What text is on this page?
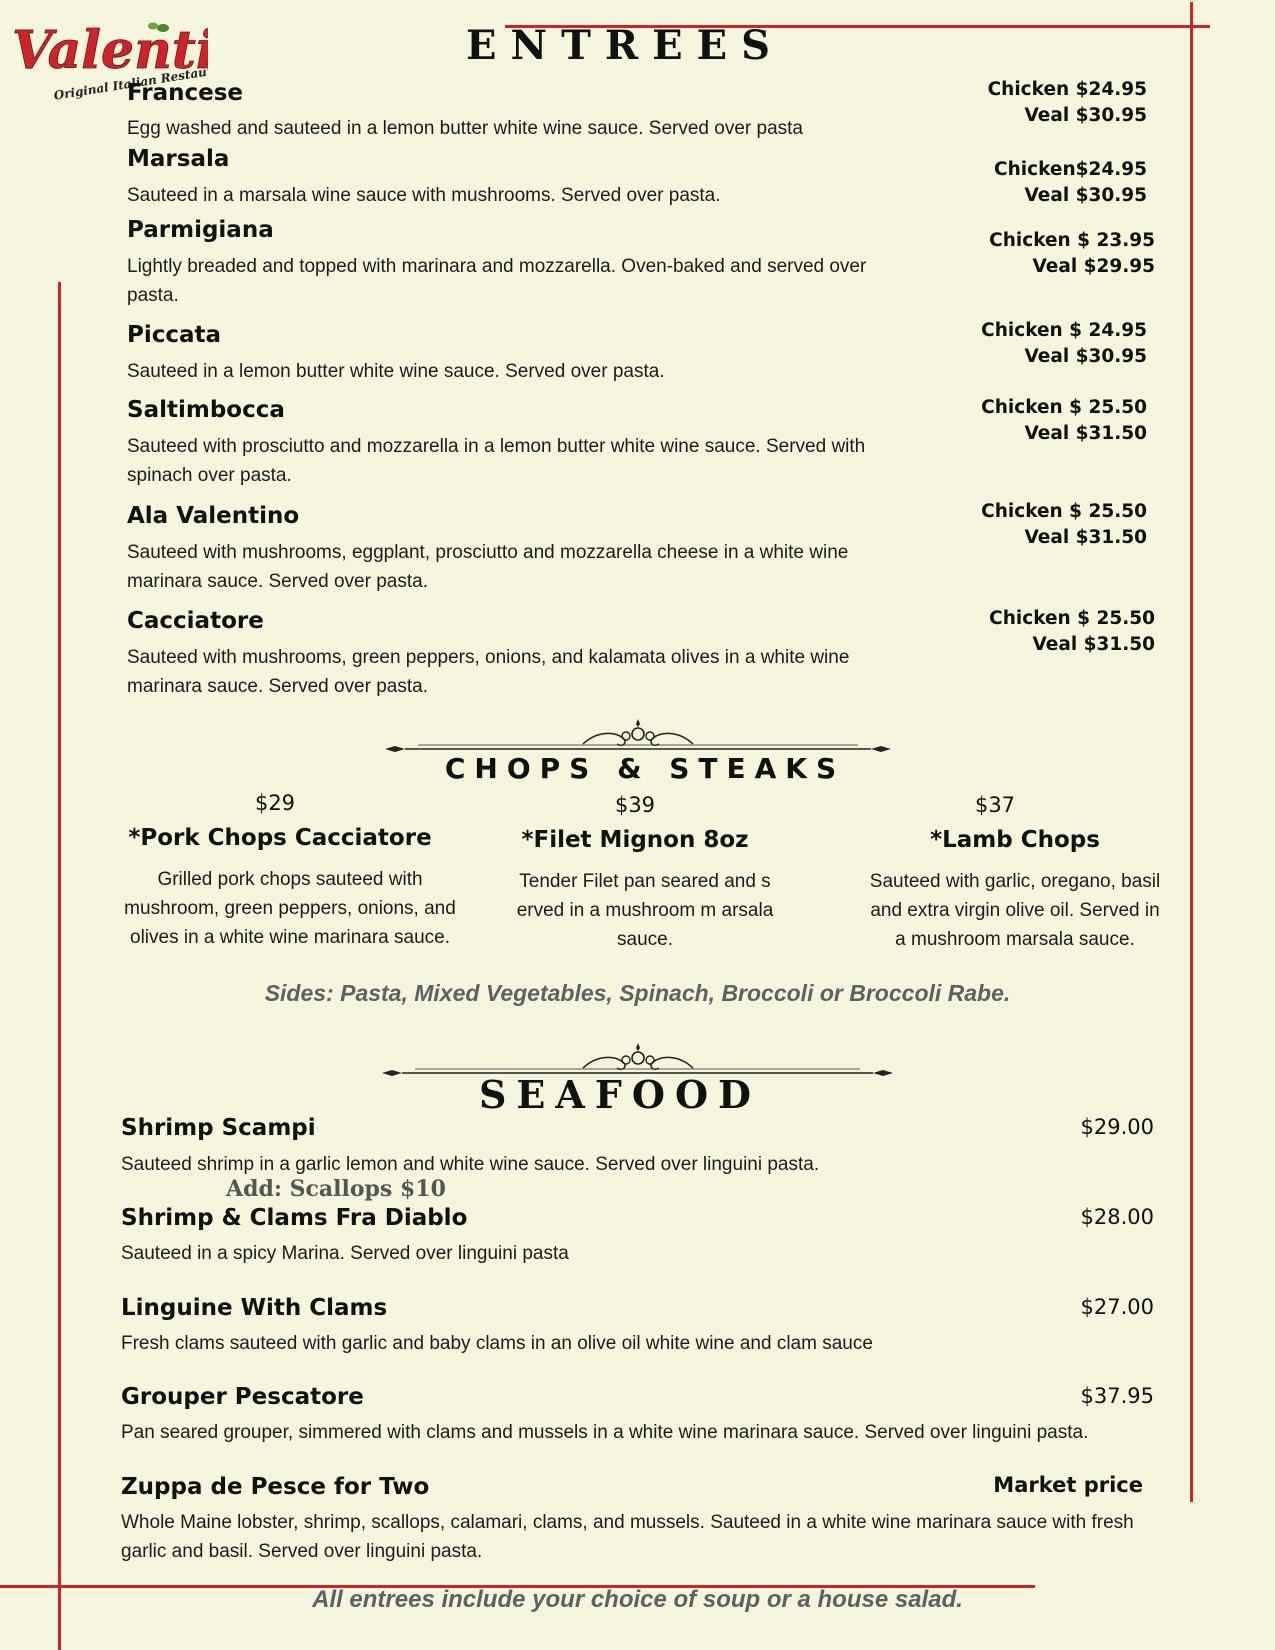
Valent
Original Italian Restaurant
ENTREES
Francese
Egg washed and sauteed in a lemon butter white wine sauce. Served over pasta
Chicken $24.95
Veal $30.95
Marsala
Sauteed in a marsala wine sauce with mushrooms. Served over pasta.
Chicken$24.95
Veal $30.95
Parmigiana
Lightly breaded and topped with marinara and mozzarella. Oven-baked and served over pasta.
Chicken $ 23.95
Veal $29.95
Piccata
Sauteed in a lemon butter white wine sauce. Served over pasta.
Chicken $ 24.95
Veal $30.95
Saltimbocca
Sauteed with prosciutto and mozzarella in a lemon butter white wine sauce. Served with spinach over pasta.
Chicken $ 25.50
Veal $31.50
Ala Valentino
Sauteed with mushrooms, eggplant, prosciutto and mozzarella cheese in a white wine marinara sauce. Served over pasta.
Chicken $ 25.50
Veal $31.50
Cacciatore
Sauteed with mushrooms, green peppers, onions, and kalamata olives in a white wine marinara sauce. Served over pasta.
Chicken $ 25.50
Veal $31.50
CHOPS & STEAKS
$29
*Pork Chops Cacciatore
Grilled pork chops sauteed with mushroom, green peppers, onions, and olives in a white wine marinara sauce.
$39
*Filet Mignon 8oz
Tender Filet pan seared and s erved in a mushroom m arsala sauce.
$37
*Lamb Chops
Sauteed with garlic, oregano, basil and extra virgin olive oil. Served in a mushroom marsala sauce.
Sides: Pasta, Mixed Vegetables, Spinach, Broccoli or Broccoli Rabe.
SEAFOOD
Shrimp Scampi	$29.00
Sauteed shrimp in a garlic lemon and white wine sauce. Served over linguini pasta.
Add: Scallops $10
Shrimp & Clams Fra Diablo	$28.00
Sauteed in a spicy Marina. Served over linguini pasta
Linguine With Clams	$27.00
Fresh clams sauteed with garlic and baby clams in an olive oil white wine and clam sauce
Grouper Pescatore	$37.95
Pan seared grouper, simmered with clams and mussels in a white wine marinara sauce. Served over linguini pasta.
Zuppa de Pesce for Two	Market price
Whole Maine lobster, shrimp, scallops, calamari, clams, and mussels. Sauteed in a white wine marinara sauce with fresh garlic and basil. Served over linguini pasta.
All entrees include your choice of soup or a house salad.
